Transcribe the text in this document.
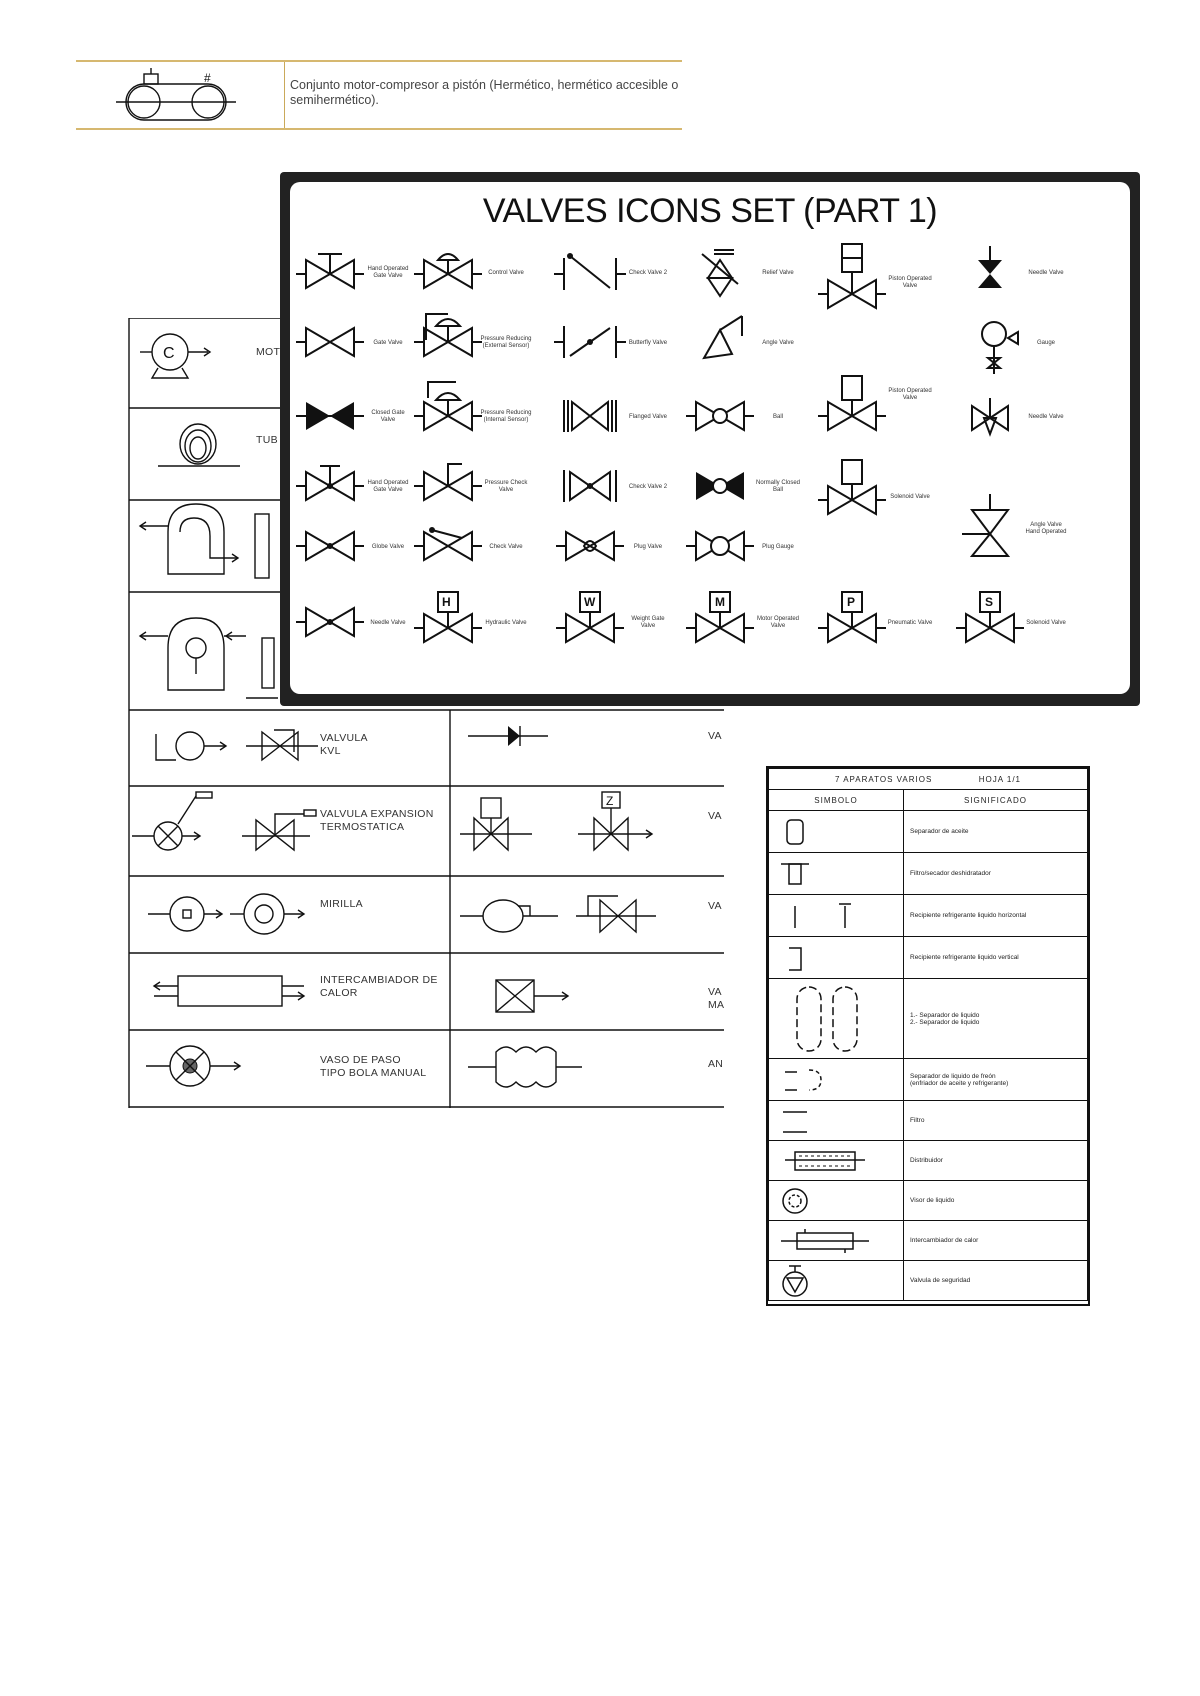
#	Conjunto motor-compresor a pistón (Hermético, hermético accesible o semihermético).
C
Z
MOT
TUB
VALVULA
KVL
VALVULA EXPANSION
TERMOSTATICA
MIRILLA
INTERCAMBIADOR DE
CALOR
VASO DE PASO
TIPO BOLA MANUAL
VA
VA
VA
VA
MA
AN
VALVES ICONS SET (PART 1)
H	W	M	P	S
Hand Operated
Gate Valve	Control Valve	Check Valve 2	Relief Valve
Piston Operated
Valve
Needle Valve
Gate Valve
Pressure Reducing
(External Sensor)	Butterfly Valve	Angle Valve	Gauge
Closed Gate
Valve
Pressure Reducing
(Internal Sensor)	Flanged Valve	Ball
Piston Operated
Valve
Needle Valve
Hand Operated
Gate Valve
Pressure Check
Valve	Check Valve 2
Normally Closed
Ball
Solenoid Valve
Angle Valve
Hand Operated
Globe Valve	Check Valve	Plug Valve	Plug Gauge
Needle Valve	Hydraulic Valve
Weight Gate
Valve
Motor Operated
Valve	Pneumatic Valve	Solenoid Valve
7 APARATOS VARIOS HOJA 1/1	
SIMBOLO	SIGNIFICADO

	Separador de aceite

	Filtro/secador deshidratador

	Recipiente refrigerante liquido horizontal

	Recipiente refrigerante liquido vertical

	1.- Separador de liquido
2.- Separador de liquido

	Separador de liquido de freón
(enfriador de aceite y refrigerante)

	Filtro

	Distribuidor

	Visor de liquido

	Intercambiador de calor

	Valvula de seguridad
